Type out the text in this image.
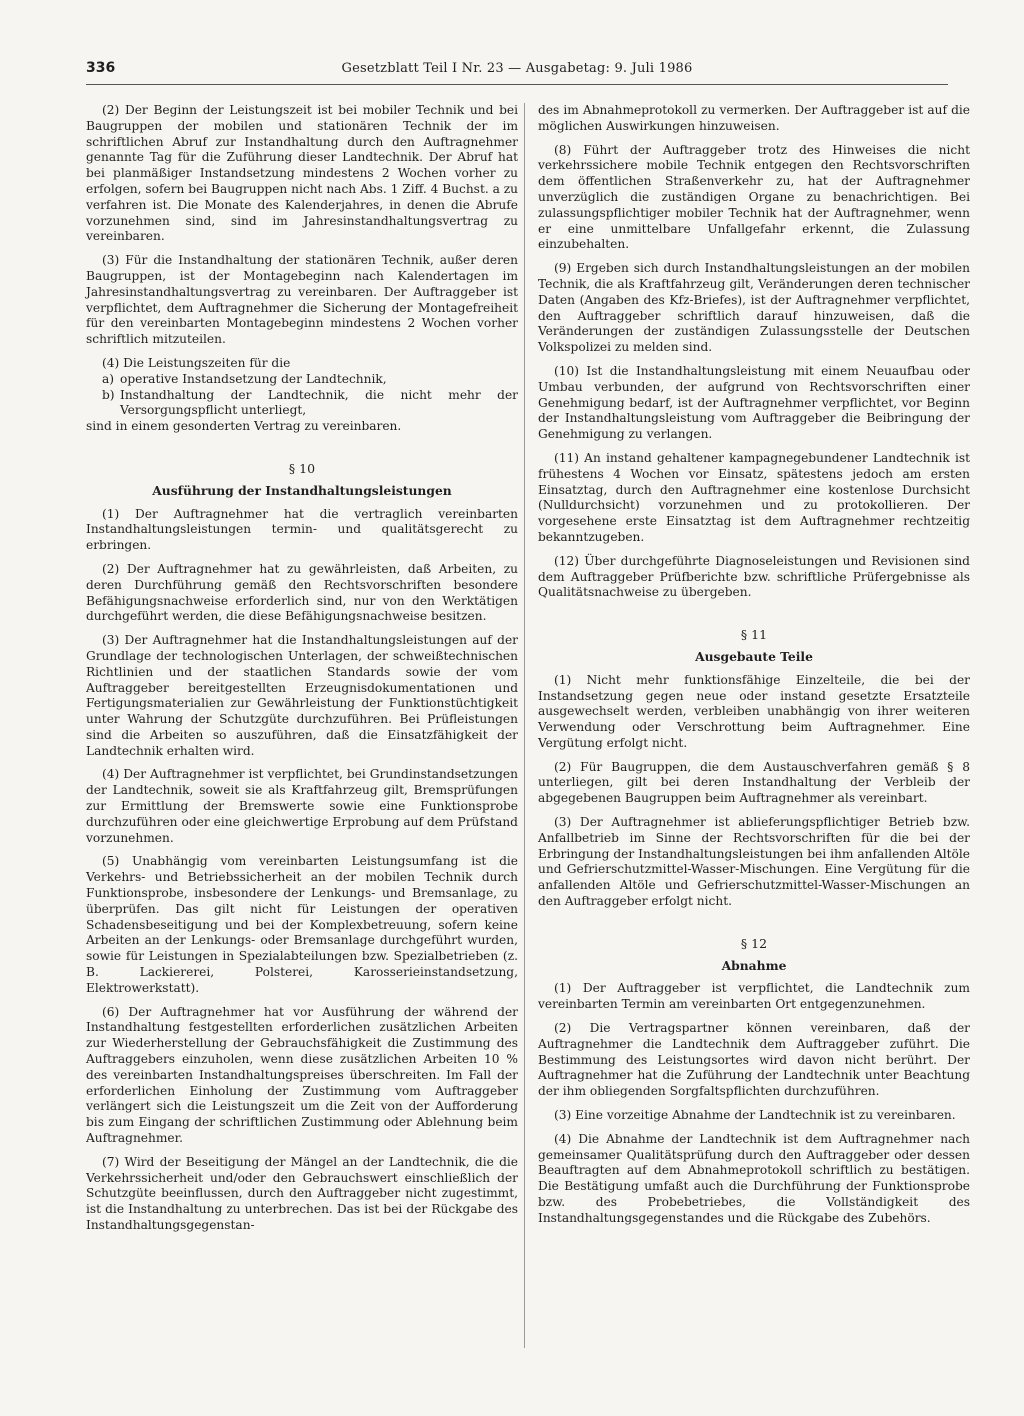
336	Gesetzblatt Teil I Nr. 23 — Ausgabetag: 9. Juli 1986

(2) Der Beginn der Leistungszeit ist bei mobiler Technik und bei Baugruppen der mobilen und stationären Technik der im schriftlichen Abruf zur Instandhaltung durch den Auftragnehmer genannte Tag für die Zuführung dieser Landtechnik. Der Abruf hat bei planmäßiger Instandsetzung mindestens 2 Wochen vorher zu erfolgen, sofern bei Baugruppen nicht nach Abs. 1 Ziff. 4 Buchst. a zu verfahren ist. Die Monate des Kalenderjahres, in denen die Abrufe vorzunehmen sind, sind im Jahresinstandhaltungsvertrag zu vereinbaren.

(3) Für die Instandhaltung der stationären Technik, außer deren Baugruppen, ist der Montagebeginn nach Kalendertagen im Jahresinstandhaltungsvertrag zu vereinbaren. Der Auftraggeber ist verpflichtet, dem Auftragnehmer die Sicherung der Montagefreiheit für den vereinbarten Montagebeginn mindestens 2 Wochen vorher schriftlich mitzuteilen.

(4) Die Leistungszeiten für die

a) operative Instandsetzung der Landtechnik,
b) Instandhaltung der Landtechnik, die nicht mehr der Versorgungspflicht unterliegt,

sind in einem gesonderten Vertrag zu vereinbaren.

§ 10

Ausführung der Instandhaltungsleistungen

(1) Der Auftragnehmer hat die vertraglich vereinbarten Instandhaltungsleistungen termin- und qualitätsgerecht zu erbringen.

(2) Der Auftragnehmer hat zu gewährleisten, daß Arbeiten, zu deren Durchführung gemäß den Rechtsvorschriften besondere Befähigungsnachweise erforderlich sind, nur von den Werktätigen durchgeführt werden, die diese Befähigungsnachweise besitzen.

(3) Der Auftragnehmer hat die Instandhaltungsleistungen auf der Grundlage der technologischen Unterlagen, der schweißtechnischen Richtlinien und der staatlichen Standards sowie der vom Auftraggeber bereitgestellten Erzeugnisdokumentationen und Fertigungsmaterialien zur Gewährleistung der Funktionstüchtigkeit unter Wahrung der Schutzgüte durchzuführen. Bei Prüfleistungen sind die Arbeiten so auszuführen, daß die Einsatzfähigkeit der Landtechnik erhalten wird.

(4) Der Auftragnehmer ist verpflichtet, bei Grundinstandsetzungen der Landtechnik, soweit sie als Kraftfahrzeug gilt, Bremsprüfungen zur Ermittlung der Bremswerte sowie eine Funktionsprobe durchzuführen oder eine gleichwertige Erprobung auf dem Prüfstand vorzunehmen.

(5) Unabhängig vom vereinbarten Leistungsumfang ist die Verkehrs- und Betriebssicherheit an der mobilen Technik durch Funktionsprobe, insbesondere der Lenkungs- und Bremsanlage, zu überprüfen. Das gilt nicht für Leistungen der operativen Schadensbeseitigung und bei der Komplexbetreuung, sofern keine Arbeiten an der Lenkungs- oder Bremsanlage durchgeführt wurden, sowie für Leistungen in Spezialabteilungen bzw. Spezialbetrieben (z. B. Lackiererei, Polsterei, Karosserieinstandsetzung, Elektrowerkstatt).

(6) Der Auftragnehmer hat vor Ausführung der während der Instandhaltung festgestellten erforderlichen zusätzlichen Arbeiten zur Wiederherstellung der Gebrauchsfähigkeit die Zustimmung des Auftraggebers einzuholen, wenn diese zusätzlichen Arbeiten 10 % des vereinbarten Instandhaltungspreises überschreiten. Im Fall der erforderlichen Einholung der Zustimmung vom Auftraggeber verlängert sich die Leistungszeit um die Zeit von der Aufforderung bis zum Eingang der schriftlichen Zustimmung oder Ablehnung beim Auftragnehmer.

(7) Wird der Beseitigung der Mängel an der Landtechnik, die die Verkehrssicherheit und/oder den Gebrauchswert einschließlich der Schutzgüte beeinflussen, durch den Auftraggeber nicht zugestimmt, ist die Instandhaltung zu unterbrechen. Das ist bei der Rückgabe des Instandhaltungsgegenstan-

des im Abnahmeprotokoll zu vermerken. Der Auftraggeber ist auf die möglichen Auswirkungen hinzuweisen.

(8) Führt der Auftraggeber trotz des Hinweises die nicht verkehrssichere mobile Technik entgegen den Rechtsvorschriften dem öffentlichen Straßenverkehr zu, hat der Auftragnehmer unverzüglich die zuständigen Organe zu benachrichtigen. Bei zulassungspflichtiger mobiler Technik hat der Auftragnehmer, wenn er eine unmittelbare Unfallgefahr erkennt, die Zulassung einzubehalten.

(9) Ergeben sich durch Instandhaltungsleistungen an der mobilen Technik, die als Kraftfahrzeug gilt, Veränderungen deren technischer Daten (Angaben des Kfz-Briefes), ist der Auftragnehmer verpflichtet, den Auftraggeber schriftlich darauf hinzuweisen, daß die Veränderungen der zuständigen Zulassungsstelle der Deutschen Volkspolizei zu melden sind.

(10) Ist die Instandhaltungsleistung mit einem Neuaufbau oder Umbau verbunden, der aufgrund von Rechtsvorschriften einer Genehmigung bedarf, ist der Auftragnehmer verpflichtet, vor Beginn der Instandhaltungsleistung vom Auftraggeber die Beibringung der Genehmigung zu verlangen.

(11) An instand gehaltener kampagnegebundener Landtechnik ist frühestens 4 Wochen vor Einsatz, spätestens jedoch am ersten Einsatztag, durch den Auftragnehmer eine kostenlose Durchsicht (Nulldurchsicht) vorzunehmen und zu protokollieren. Der vorgesehene erste Einsatztag ist dem Auftragnehmer rechtzeitig bekanntzugeben.

(12) Über durchgeführte Diagnoseleistungen und Revisionen sind dem Auftraggeber Prüfberichte bzw. schriftliche Prüfergebnisse als Qualitätsnachweise zu übergeben.

§ 11

Ausgebaute Teile

(1) Nicht mehr funktionsfähige Einzelteile, die bei der Instandsetzung gegen neue oder instand gesetzte Ersatzteile ausgewechselt werden, verbleiben unabhängig von ihrer weiteren Verwendung oder Verschrottung beim Auftragnehmer. Eine Vergütung erfolgt nicht.

(2) Für Baugruppen, die dem Austauschverfahren gemäß § 8 unterliegen, gilt bei deren Instandhaltung der Verbleib der abgegebenen Baugruppen beim Auftragnehmer als vereinbart.

(3) Der Auftragnehmer ist ablieferungspflichtiger Betrieb bzw. Anfallbetrieb im Sinne der Rechtsvorschriften für die bei der Erbringung der Instandhaltungsleistungen bei ihm anfallenden Altöle und Gefrierschutzmittel-Wasser-Mischungen. Eine Vergütung für die anfallenden Altöle und Gefrierschutzmittel-Wasser-Mischungen an den Auftraggeber erfolgt nicht.

§ 12

Abnahme

(1) Der Auftraggeber ist verpflichtet, die Landtechnik zum vereinbarten Termin am vereinbarten Ort entgegenzunehmen.

(2) Die Vertragspartner können vereinbaren, daß der Auftragnehmer die Landtechnik dem Auftraggeber zuführt. Die Bestimmung des Leistungsortes wird davon nicht berührt. Der Auftragnehmer hat die Zuführung der Landtechnik unter Beachtung der ihm obliegenden Sorgfaltspflichten durchzuführen.

(3) Eine vorzeitige Abnahme der Landtechnik ist zu vereinbaren.

(4) Die Abnahme der Landtechnik ist dem Auftragnehmer nach gemeinsamer Qualitätsprüfung durch den Auftraggeber oder dessen Beauftragten auf dem Abnahmeprotokoll schriftlich zu bestätigen. Die Bestätigung umfaßt auch die Durchführung der Funktionsprobe bzw. des Probebetriebes, die Vollständigkeit des Instandhaltungsgegenstandes und die Rückgabe des Zubehörs.
